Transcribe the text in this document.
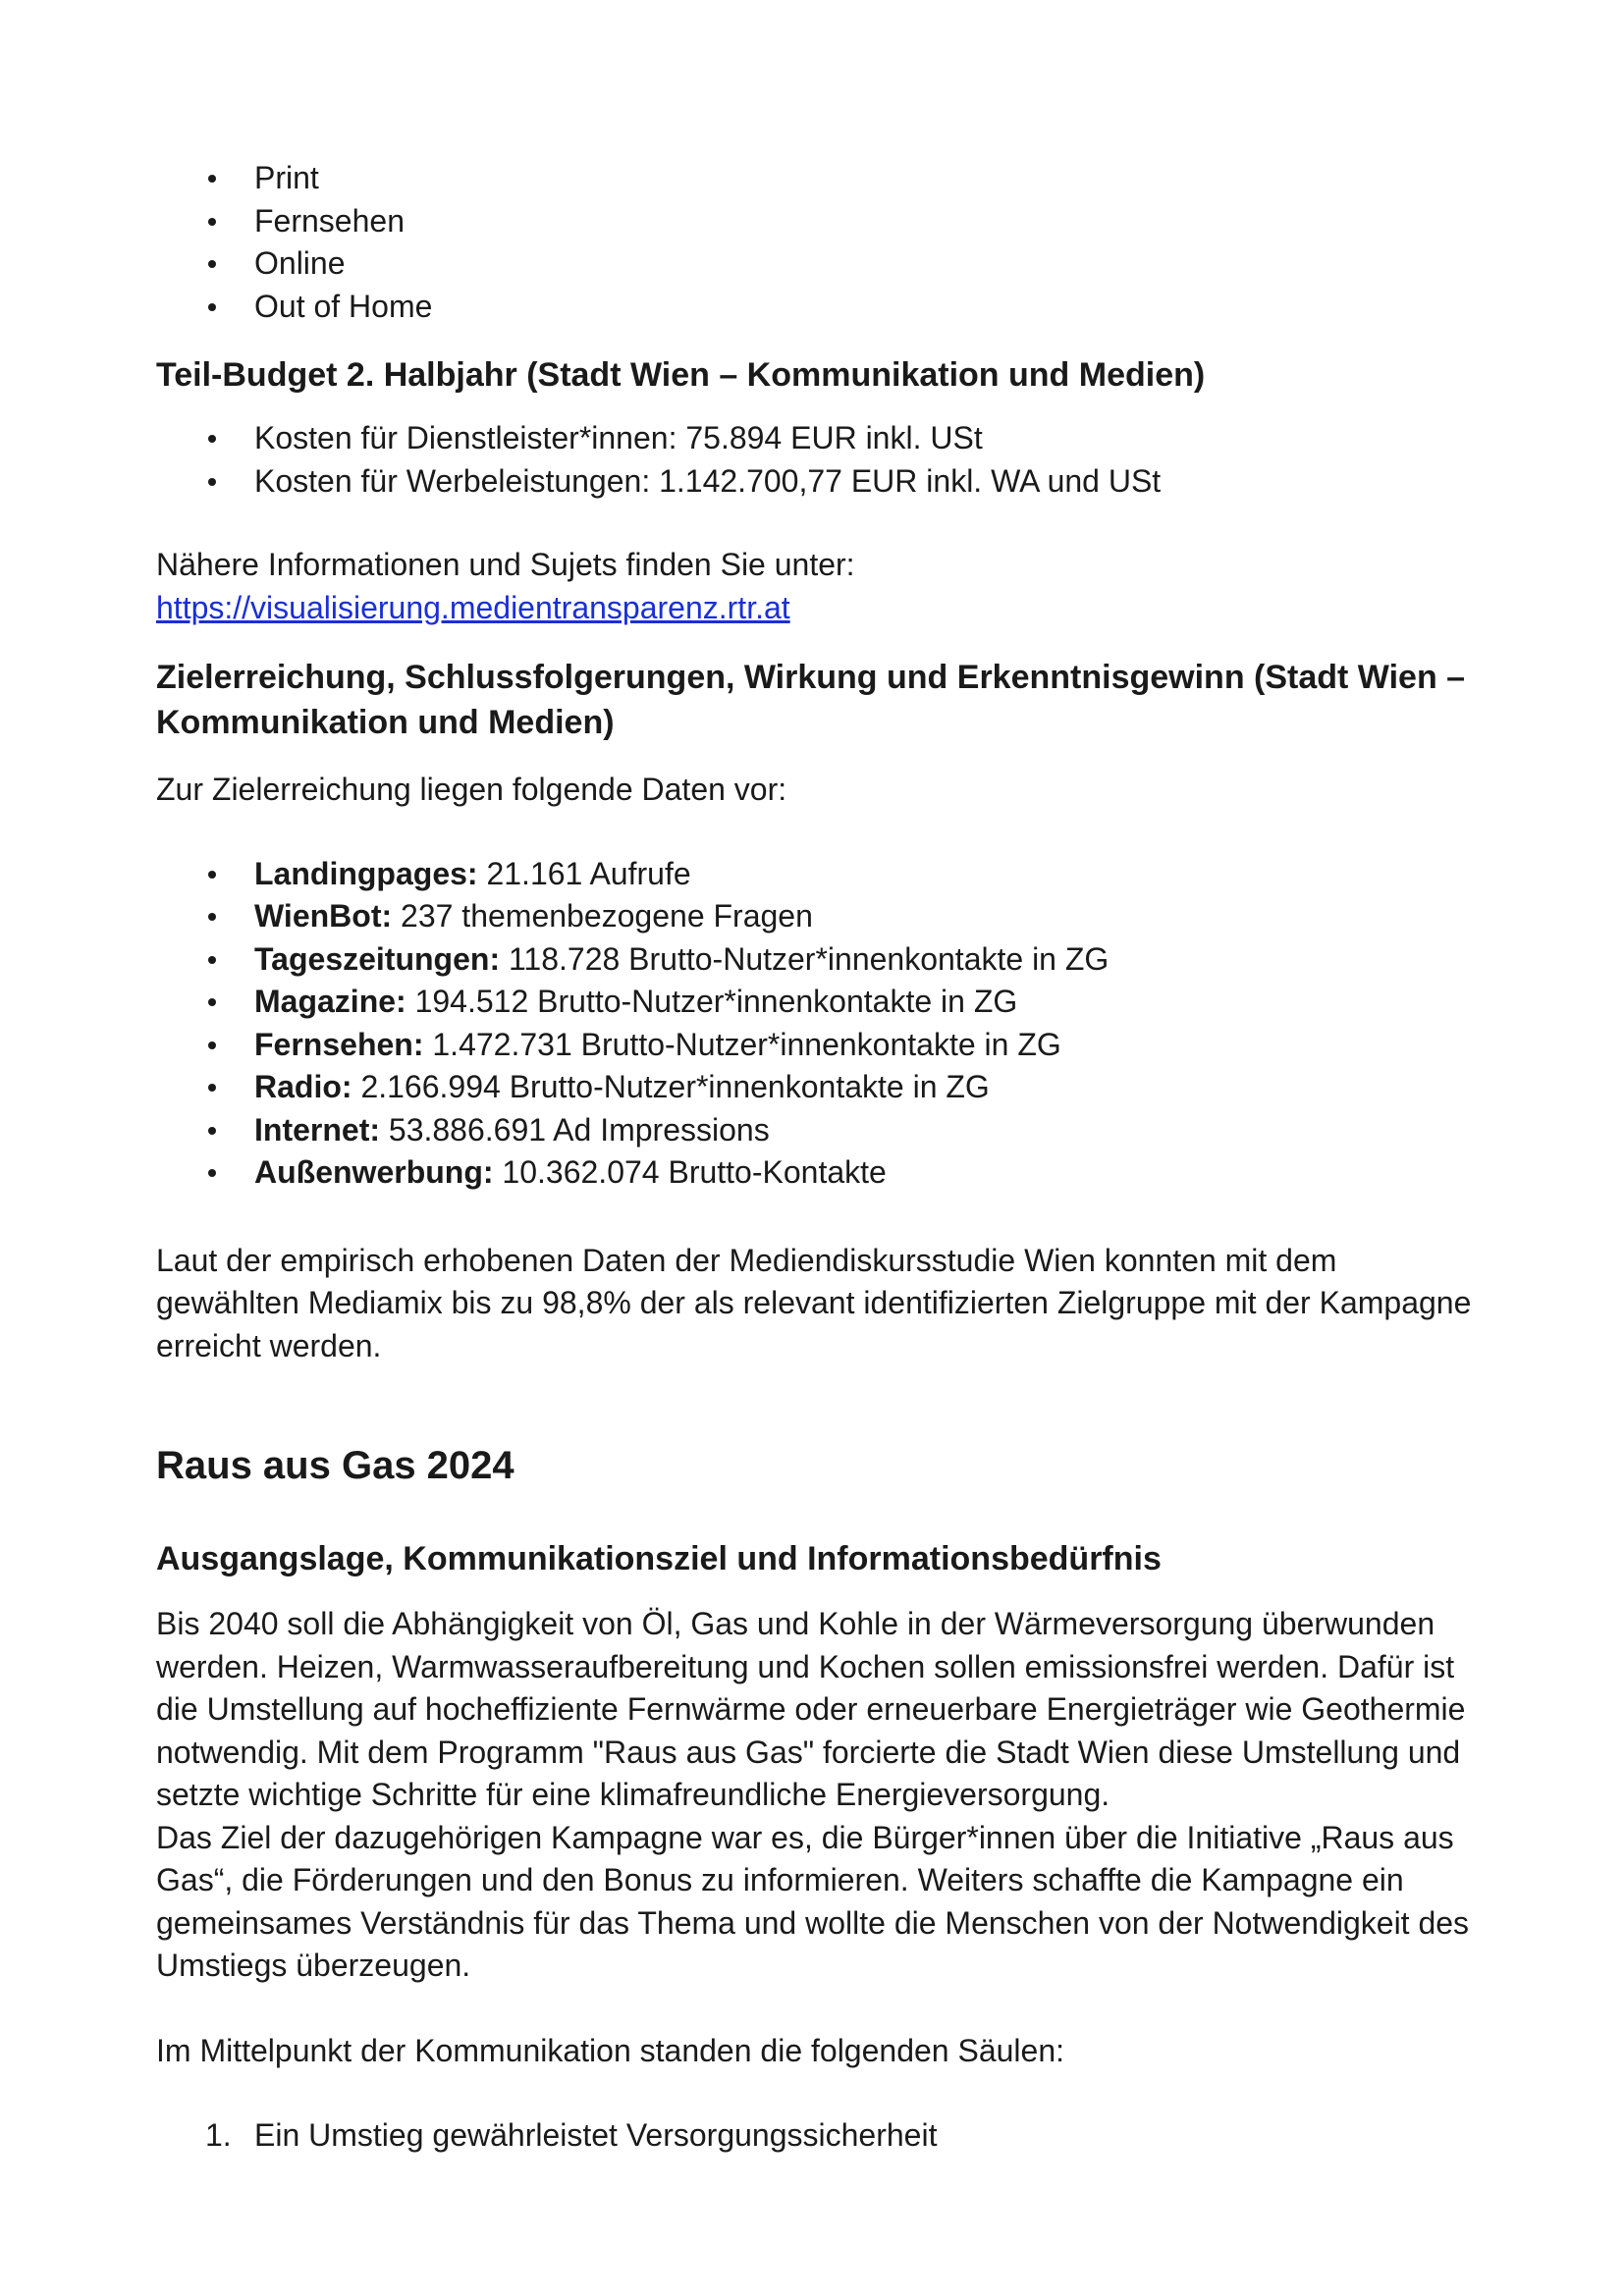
Print
Fernsehen
Online
Out of Home
Teil-Budget 2. Halbjahr (Stadt Wien – Kommunikation und Medien)
Kosten für Dienstleister*innen: 75.894 EUR inkl. USt
Kosten für Werbeleistungen: 1.142.700,77 EUR inkl. WA und USt

Nähere Informationen und Sujets finden Sie unter:

https://visualisierung.medientransparenz.rtr.at

Zielerreichung, Schlussfolgerungen, Wirkung und Erkenntnisgewinn (Stadt Wien –
Kommunikation und Medien)

Zur Zielerreichung liegen folgende Daten vor:

Landingpages: 21.161 Aufrufe
WienBot: 237 themenbezogene Fragen
Tageszeitungen: 118.728 Brutto-Nutzer*innenkontakte in ZG
Magazine: 194.512 Brutto-Nutzer*innenkontakte in ZG
Fernsehen: 1.472.731 Brutto-Nutzer*innenkontakte in ZG
Radio: 2.166.994 Brutto-Nutzer*innenkontakte in ZG
Internet: 53.886.691 Ad Impressions
Außenwerbung: 10.362.074 Brutto-Kontakte

Laut der empirisch erhobenen Daten der Mediendiskursstudie Wien konnten mit dem
gewählten Mediamix bis zu 98,8% der als relevant identifizierten Zielgruppe mit der Kampagne
erreicht werden.

Raus aus Gas 2024
Ausgangslage, Kommunikationsziel und Informationsbedürfnis

Bis 2040 soll die Abhängigkeit von Öl, Gas und Kohle in der Wärmeversorgung überwunden
werden. Heizen, Warmwasseraufbereitung und Kochen sollen emissionsfrei werden. Dafür ist
die Umstellung auf hocheffiziente Fernwärme oder erneuerbare Energieträger wie Geothermie
notwendig. Mit dem Programm "Raus aus Gas" forcierte die Stadt Wien diese Umstellung und
setzte wichtige Schritte für eine klimafreundliche Energieversorgung.
Das Ziel der dazugehörigen Kampagne war es, die Bürger*innen über die Initiative „Raus aus
Gas“, die Förderungen und den Bonus zu informieren. Weiters schaffte die Kampagne ein
gemeinsames Verständnis für das Thema und wollte die Menschen von der Notwendigkeit des
Umstiegs überzeugen.

Im Mittelpunkt der Kommunikation standen die folgenden Säulen:

1. Ein Umstieg gewährleistet Versorgungssicherheit
